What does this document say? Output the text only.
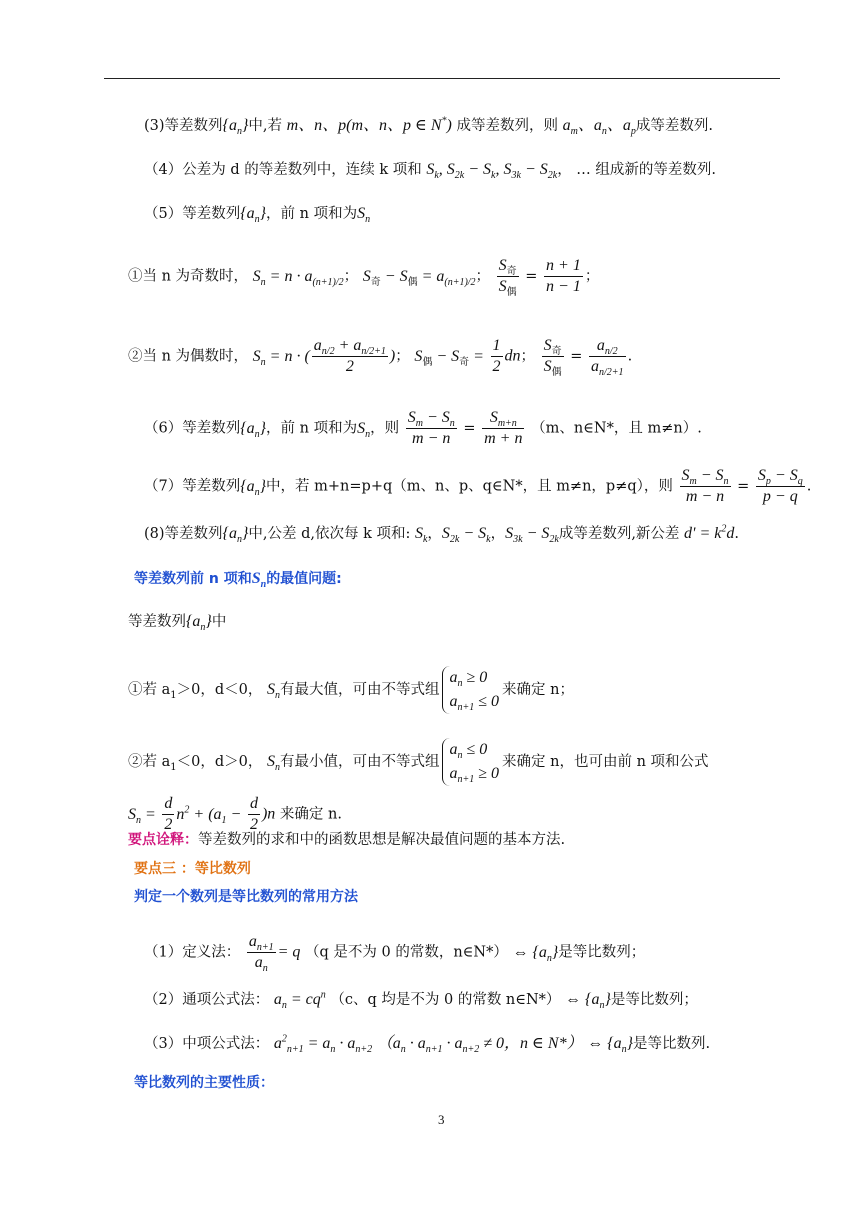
(3)等差数列$\{a_n\}$中,若 m、n、p(m、n、p ∈ N*) 成等差数列，则 $a_m$、$a_n$、$a_p$成等差数列.
（4）公差为 d 的等差数列中，连续 k 项和 $S_k$, $S_{2k} - S_k$, $S_{3k} - S_{2k}$， … 组成新的等差数列.
（5）等差数列$\{a_n\}$，前 n 项和为$S_n$
①当 n 为奇数时， $S_n = n \cdot a_{(n+1)/2}$； $S_奇 - S_偶 = a_{(n+1)/2}$； $\frac{S_奇}{S_偶} = \frac{n + 1}{n - 1}$ ；
②当 n 为偶数时， $S_n = n$ · ( $\frac{a_{n/2} + a_{n/2+1}}{2}$ )； $S_偶 - S_奇 = \frac{1}{2}$ dn； $\frac{S_奇}{S_偶} = \frac{a_{n/2}}{a_{n/2+1}}$ .
（6）等差数列$\{a_n\}$，前 n 项和为$S_n$，则 $\frac{S_m - S_n}{m - n} = \frac{S_{m+n}}{m + n} (m$、n∈N*，且 m≠n）.
（7）等差数列$\{a_n\}$中，若 m+n=p+q（m、n、p、q∈N*，且 m≠n，p≠q），则 $\frac{S_m - S_n}{m - n} = \frac{S_p - S_q}{p - q}$ .
(8)等差数列$\{a_n\}$中,公差 d,依次每 k 项和: $S_k$，$S_{2k} - S_k$，$S_{3k} - S_{2k}$成等差数列,新公差 $d' = k^2d$.
等差数列前 n 项和$S_n$的最值问题:
等差数列$\{a_n\}$中
①若 $a_1>0$，d＜0， $S_n$有最大值，可由不等式组
$a_n \ge 0$
$a_{n+1} \le 0$
来确定 n；
②若 $a_1<0$，d＞0， $S_n$有最小值，可由不等式组
$a_n \le 0$
$a_{n+1} \ge 0$
来确定 n，也可由前 n 项和公式
$S_n = \frac{d}{2} n^2 + (a_1 - \frac{d}{2} )n$ 来确定 n.
要点诠释：等差数列的求和中的函数思想是解决最值问题的基本方法.
要点三 ：等比数列
判定一个数列是等比数列的常用方法
（1）定义法： $\frac{a_{n+1}}{a_n} = q$ （q 是不为 0 的常数，n∈N*） ⇔ $\{a_n\}$是等比数列；
（2）通项公式法： $a_n = cq^n$ （c、q 均是不为 0 的常数 n∈N*） ⇔ $\{a_n\}$是等比数列；
（3）中项公式法： $a^2_{n+1} = a_n \cdot a_{n+2}$ （$a_n \cdot a_{n+1} \cdot a_{n+2} \ne 0$，n ∈ N*） ⇔ $\{a_n\}$是等比数列.
等比数列的主要性质：
3
